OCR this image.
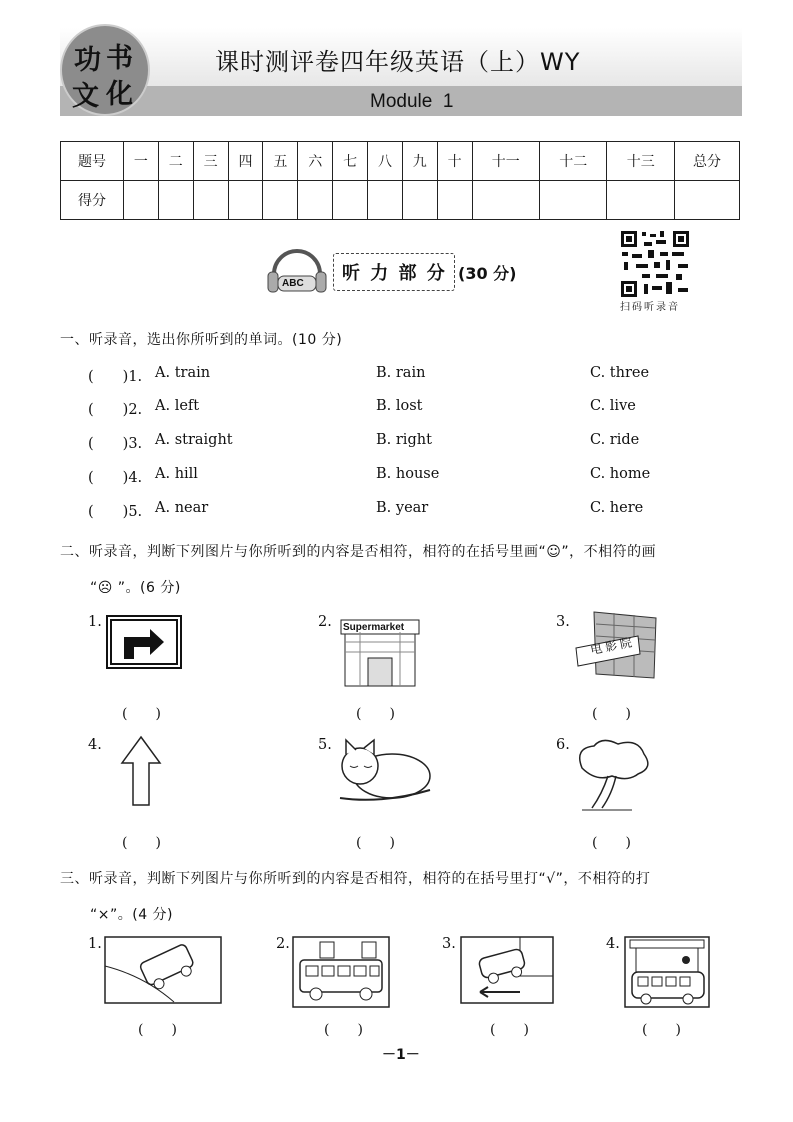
功 书
文 化
课时测评卷四年级英语（上）WY
Module  1
题号	一	二	三	四	五	六	七	八	九	十	十一	十二	十三	总分
得分														
ABC 听 力 部 分 (30 分)
扫码听录音
一、听录音，选出你所听到的单词。(10 分)
(　　)1. A. train	B. rain	C. three
(　　)2. A. left	B. lost	C. live
(　　)3. A. straight	B. right	C. ride
(　　)4. A. hill	B. house	C. home
(　　)5. A. near	B. year	C. here
二、听录音，判断下列图片与你所听到的内容是否相符，相符的在括号里画“☺”，不相符的画
“☹ ”。(6 分)
1.
(　　)
2. Supermarket
(　　)
3.
电影院
(　　)
4.
(　　)
5.
(　　)
6.
(　　)
三、听录音，判断下列图片与你所听到的内容是否相符，相符的在括号里打“√”，不相符的打
“×”。(4 分)
1.
(　　)
2.
(　　)
3.
(　　)
4.
(　　)
－1－
